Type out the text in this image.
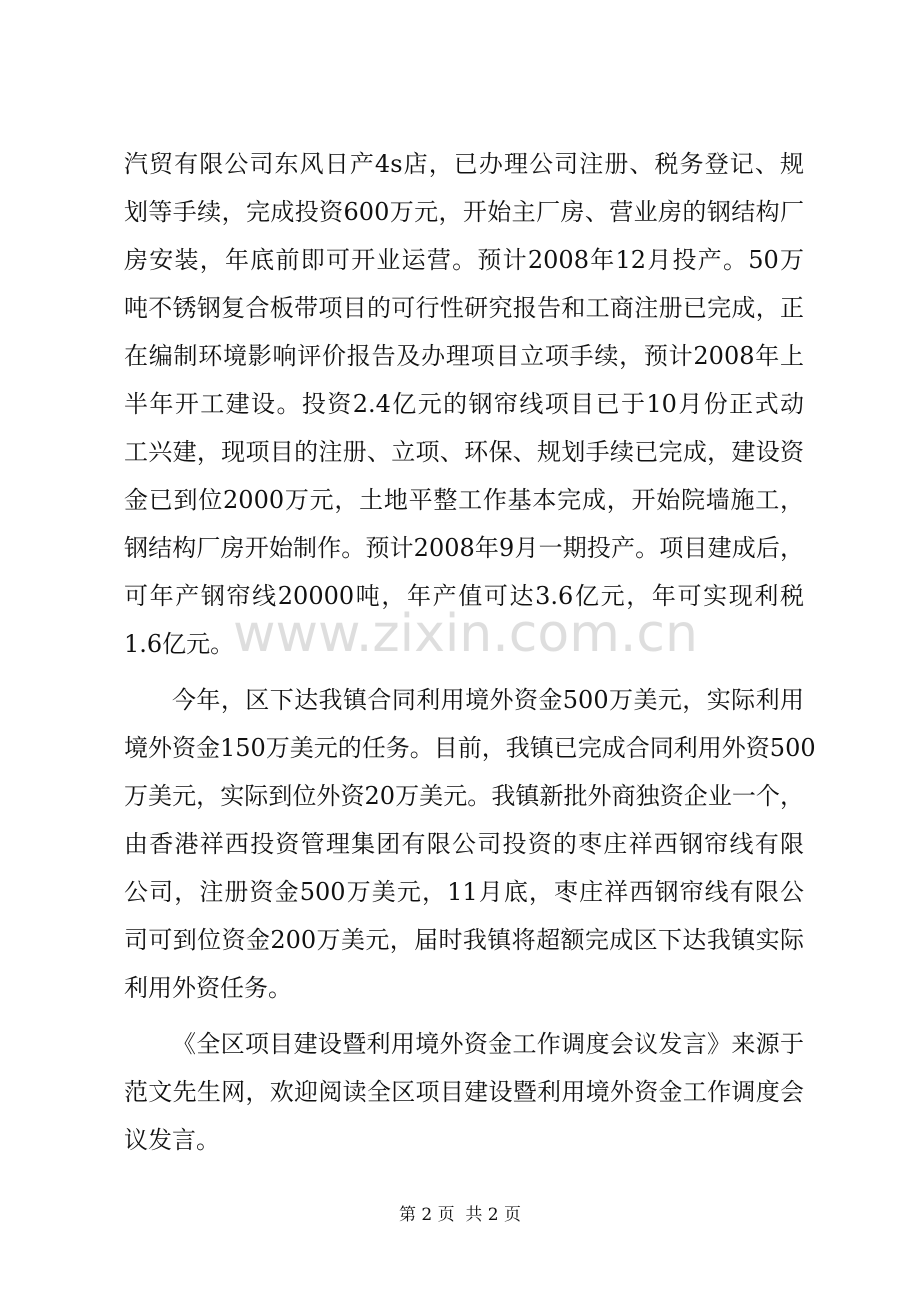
汽贸有限公司东风日产4s店，已办理公司注册、税务登记、规
划等手续，完成投资600万元，开始主厂房、营业房的钢结构厂
房安装，年底前即可开业运营。预计2008年12月投产。50万
吨不锈钢复合板带项目的可行性研究报告和工商注册已完成，正
在编制环境影响评价报告及办理项目立项手续，预计2008年上
半年开工建设。投资2.4亿元的钢帘线项目已于10月份正式动
工兴建，现项目的注册、立项、环保、规划手续已完成，建设资
金已到位2000万元，土地平整工作基本完成，开始院墙施工，
钢结构厂房开始制作。预计2008年9月一期投产。项目建成后，
可年产钢帘线20000吨，年产值可达3.6亿元，年可实现利税
1.6亿元。
今年，区下达我镇合同利用境外资金500万美元，实际利用
境外资金150万美元的任务。目前，我镇已完成合同利用外资500
万美元，实际到位外资20万美元。我镇新批外商独资企业一个，
由香港祥西投资管理集团有限公司投资的枣庄祥西钢帘线有限
公司，注册资金500万美元，11月底，枣庄祥西钢帘线有限公
司可到位资金200万美元，届时我镇将超额完成区下达我镇实际
利用外资任务。
《全区项目建设暨利用境外资金工作调度会议发言》来源于
范文先生网，欢迎阅读全区项目建设暨利用境外资金工作调度会
议发言。
www.zixin.com.cn
第 2 页  共 2 页
